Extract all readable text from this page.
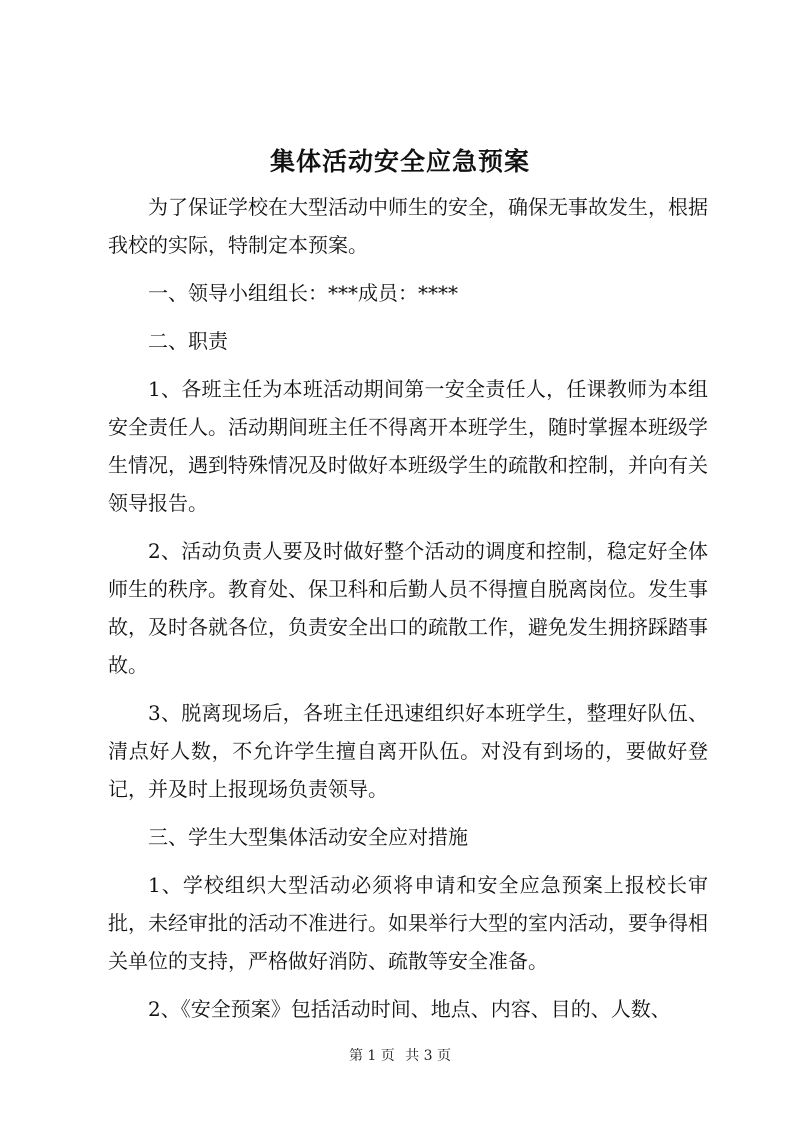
集体活动安全应急预案

为了保证学校在大型活动中师生的安全，确保无事故发生，根据我校的实际，特制定本预案。

一、领导小组组长：***成员：****

二、职责

1、各班主任为本班活动期间第一安全责任人，任课教师为本组安全责任人。活动期间班主任不得离开本班学生，随时掌握本班级学生情况，遇到特殊情况及时做好本班级学生的疏散和控制，并向有关领导报告。

2、活动负责人要及时做好整个活动的调度和控制，稳定好全体师生的秩序。教育处、保卫科和后勤人员不得擅自脱离岗位。发生事故，及时各就各位，负责安全出口的疏散工作，避免发生拥挤踩踏事故。

3、脱离现场后，各班主任迅速组织好本班学生，整理好队伍、清点好人数，不允许学生擅自离开队伍。对没有到场的，要做好登记，并及时上报现场负责领导。

三、学生大型集体活动安全应对措施

1、学校组织大型活动必须将申请和安全应急预案上报校长审批，未经审批的活动不准进行。如果举行大型的室内活动，要争得相关单位的支持，严格做好消防、疏散等安全准备。

2、《安全预案》包括活动时间、地点、内容、目的、人数、

第 1 页 共 3 页
